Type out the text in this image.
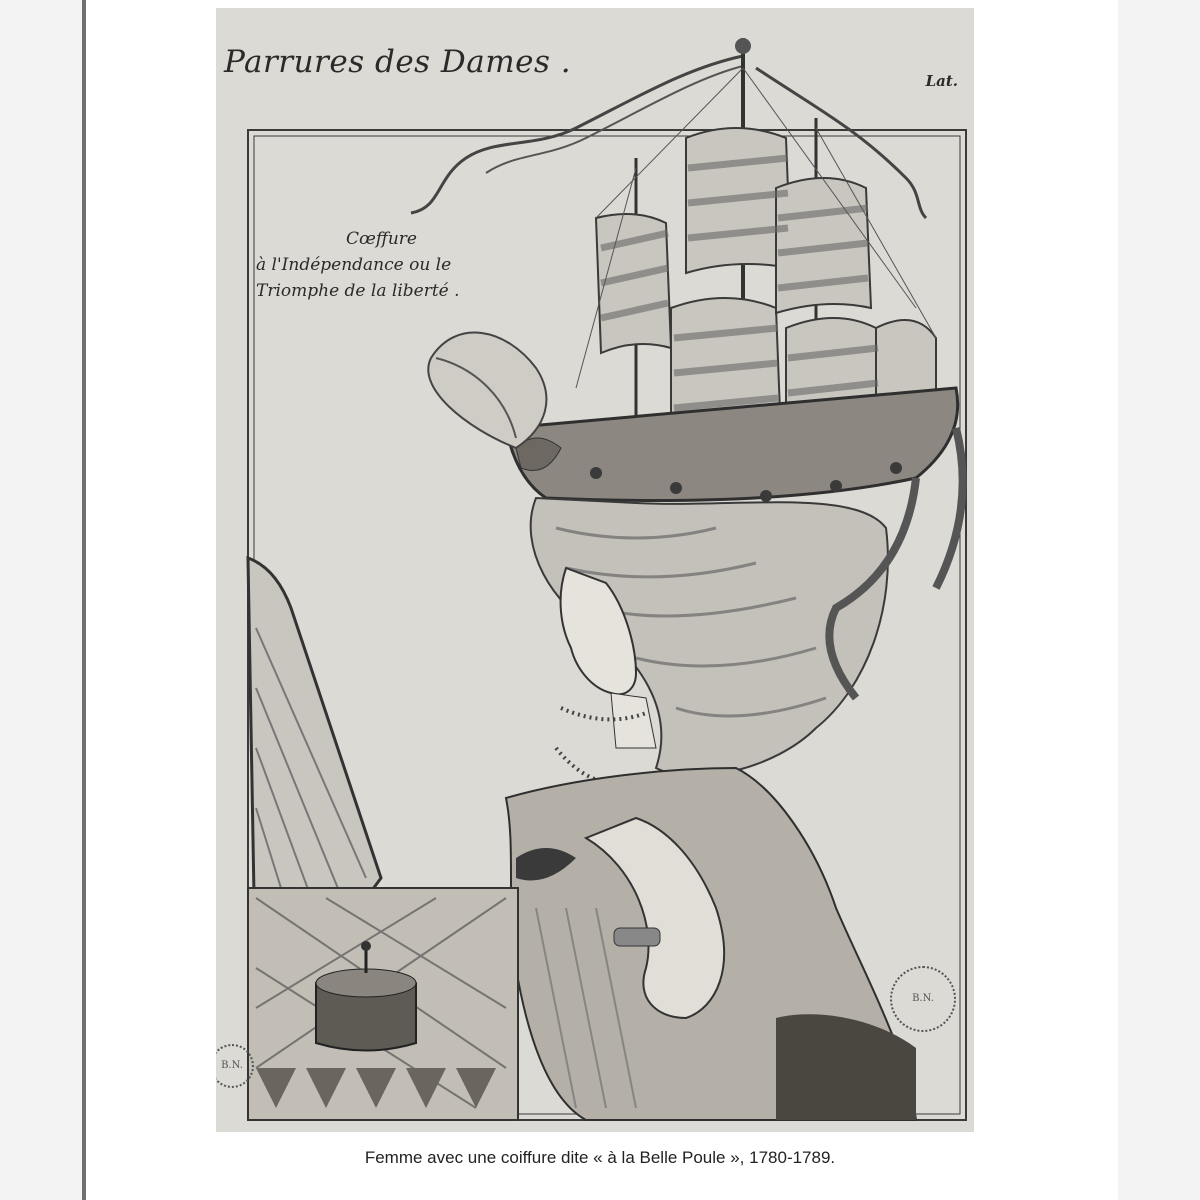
Parrures des Dames .
Lat.
Cœffure
à l'Indépendance ou le
Triomphe de la liberté .
B.N.
B.N.
Femme avec une coiffure dite « à la Belle Poule », 1780-1789.
